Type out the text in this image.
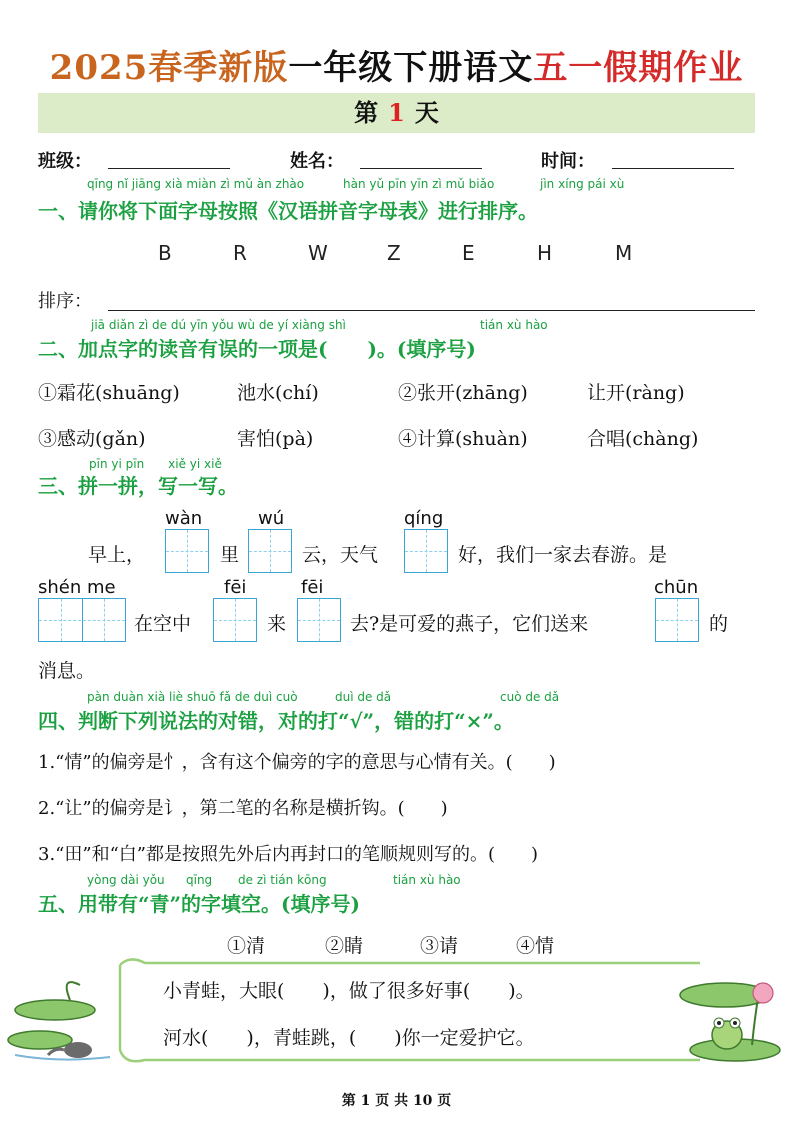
2025春季新版一年级下册语文五一假期作业
第 1 天
班级：	姓名：	时间：
qīng nǐ jiāng xià miàn zì mǔ àn zhào	hàn yǔ pīn yīn zì mǔ biǎo	jìn xíng pái xù
一、请你将下面字母按照《汉语拼音字母表》进行排序。
B	R	W	Z	E	H	M
排序：
jiā diǎn zì de dú yīn yǒu wù de yí xiàng shì	tián xù hào
二、加点字的读音有误的一项是(　　)。(填序号)
①霜花(shuāng)	池水(chí)	②张开(zhāng)	让开(ràng)
③感动(gǎn)	害怕(pà)	④计算(shuàn)	合唱(chàng)
pīn yi pīn　　xiě yi xiě
三、拼一拼，写一写。
wàn	wú	qíng
早上，	里	云，天气	好，我们一家去春游。是
shén me	fēi	fēi	chūn
在空中	来	去?是可爱的燕子，它们送来	的
消息。
pàn duàn xià liè shuō fǎ de duì cuò	duì de dǎ	cuò de dǎ
四、判断下列说法的对错，对的打“√”，错的打“×”。
1.“情”的偏旁是忄，含有这个偏旁的字的意思与心情有关。(　　)
2.“让”的偏旁是讠，第二笔的名称是横折钩。(　　)
3.“田”和“白”都是按照先外后内再封口的笔顺规则写的。(　　)
yòng dài yǒu qīng de zì tián kōng	tián xù hào
五、用带有“青”的字填空。(填序号)
①清	②睛	③请	④情
小青蛙，大眼(　　)，做了很多好事(　　)。
河水(　　)，青蛙跳，(　　)你一定爱护它。
第 1 页 共 10 页
